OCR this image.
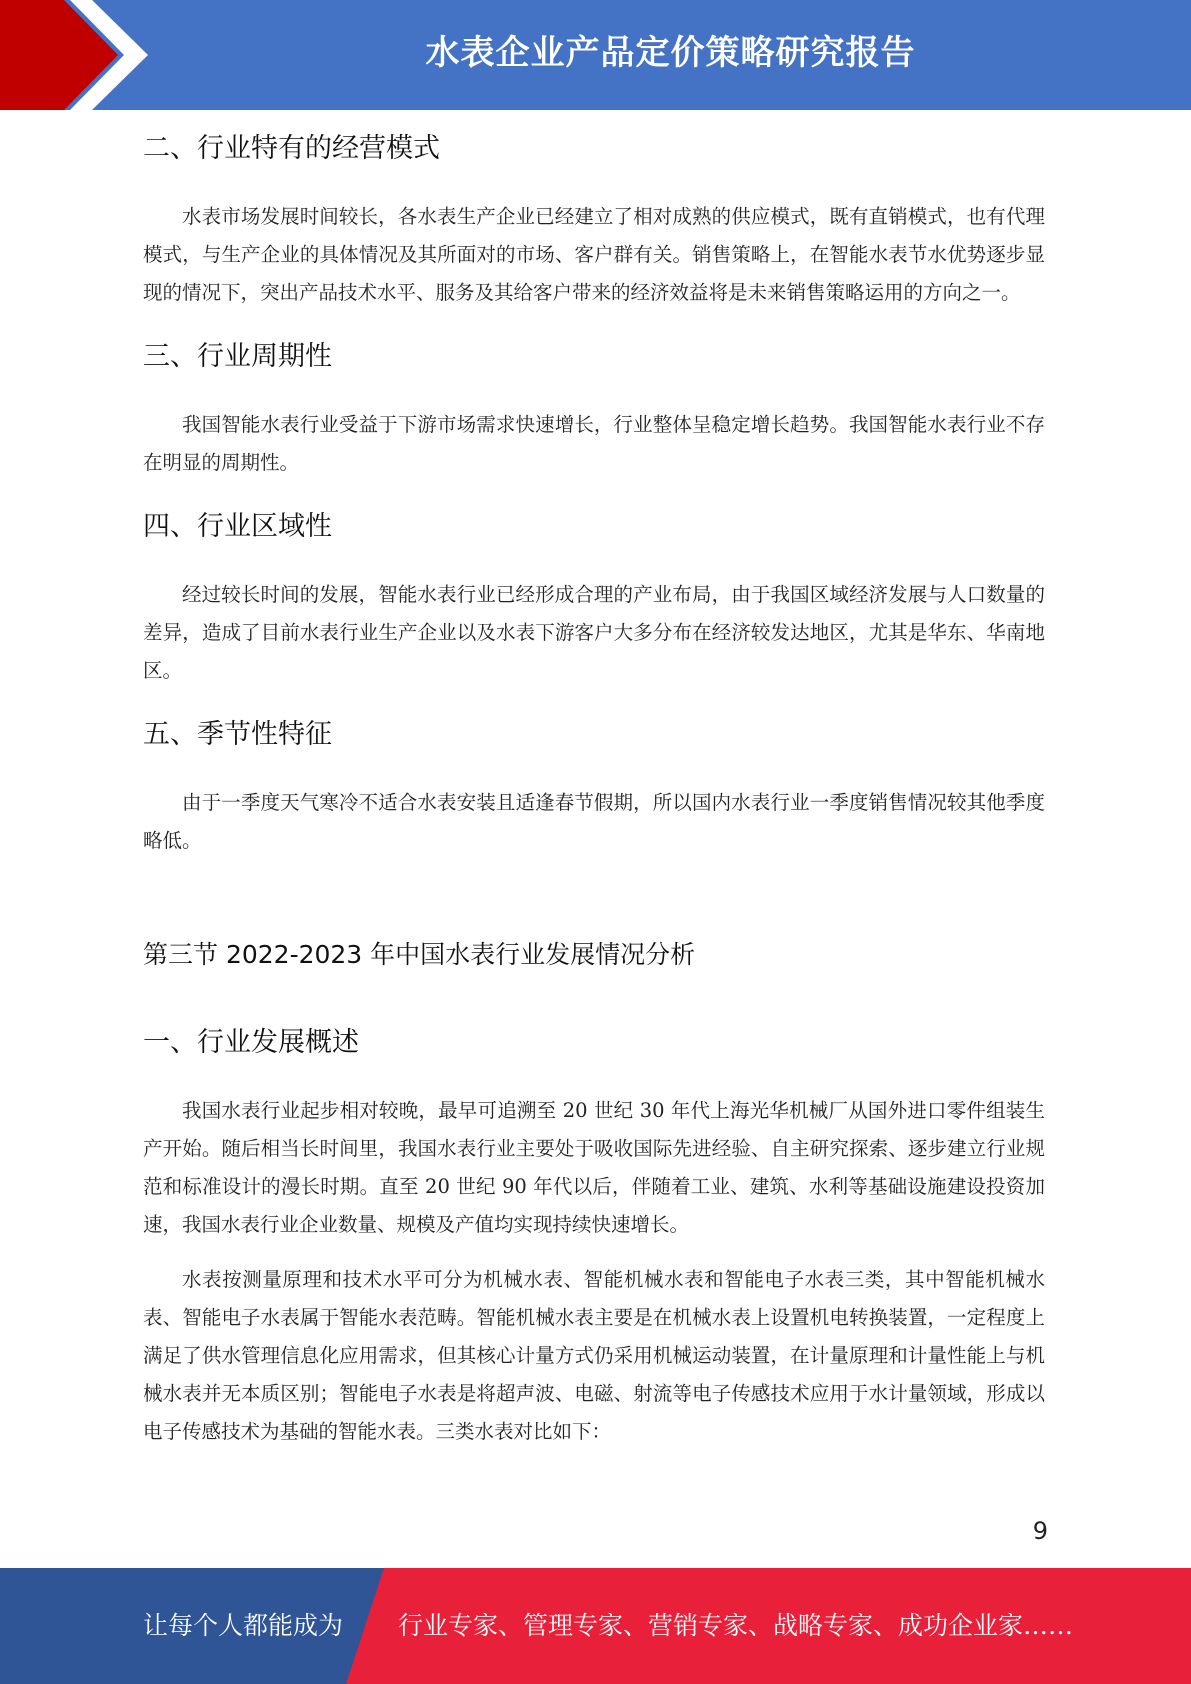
水表企业产品定价策略研究报告
二、行业特有的经营模式

水表市场发展时间较长，各水表生产企业已经建立了相对成熟的供应模式，既有直销模式，也有代理模式，与生产企业的具体情况及其所面对的市场、客户群有关。销售策略上，在智能水表节水优势逐步显现的情况下，突出产品技术水平、服务及其给客户带来的经济效益将是未来销售策略运用的方向之一。

三、行业周期性

我国智能水表行业受益于下游市场需求快速增长，行业整体呈稳定增长趋势。我国智能水表行业不存在明显的周期性。

四、行业区域性

经过较长时间的发展，智能水表行业已经形成合理的产业布局，由于我国区域经济发展与人口数量的差异，造成了目前水表行业生产企业以及水表下游客户大多分布在经济较发达地区，尤其是华东、华南地区。

五、季节性特征

由于一季度天气寒冷不适合水表安装且适逢春节假期，所以国内水表行业一季度销售情况较其他季度略低。

第三节 2022-2023 年中国水表行业发展情况分析
一、行业发展概述

我国水表行业起步相对较晚，最早可追溯至 20 世纪 30 年代上海光华机械厂从国外进口零件组装生产开始。随后相当长时间里，我国水表行业主要处于吸收国际先进经验、自主研究探索、逐步建立行业规范和标准设计的漫长时期。直至 20 世纪 90 年代以后，伴随着工业、建筑、水利等基础设施建设投资加速，我国水表行业企业数量、规模及产值均实现持续快速增长。

水表按测量原理和技术水平可分为机械水表、智能机械水表和智能电子水表三类，其中智能机械水表、智能电子水表属于智能水表范畴。智能机械水表主要是在机械水表上设置机电转换装置，一定程度上满足了供水管理信息化应用需求，但其核心计量方式仍采用机械运动装置，在计量原理和计量性能上与机械水表并无本质区别；智能电子水表是将超声波、电磁、射流等电子传感技术应用于水计量领域，形成以电子传感技术为基础的智能水表。三类水表对比如下：

9
让每个人都能成为 行业专家、管理专家、营销专家、战略专家、成功企业家……
